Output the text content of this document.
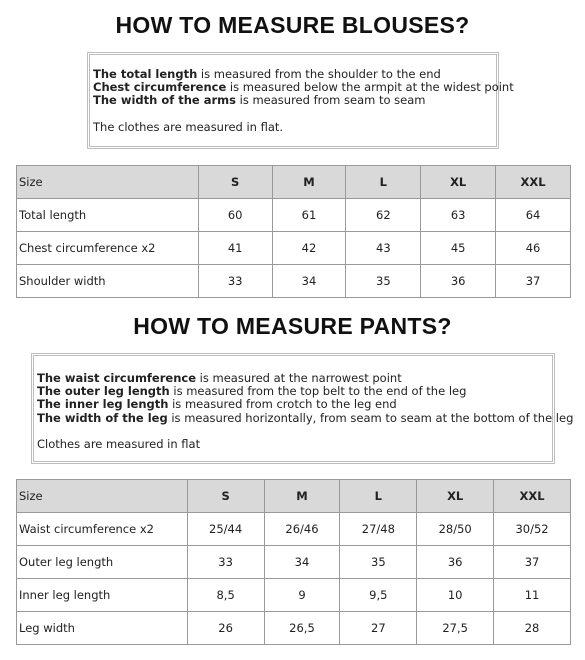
HOW TO MEASURE BLOUSES?
The total length is measured from the shoulder to the end
Chest circumference is measured below the armpit at the widest point
The width of the arms is measured from seam to seam
The clothes are measured in flat.
Size	S	M	L	XL	XXL
Total length	60	61	62	63	64
Chest circumference x2	41	42	43	45	46
Shoulder width	33	34	35	36	37
HOW TO MEASURE PANTS?
The waist circumference is measured at the narrowest point
The outer leg length is measured from the top belt to the end of the leg
The inner leg length is measured from crotch to the leg end
The width of the leg is measured horizontally, from seam to seam at the bottom of the leg
Clothes are measured in flat
Size	S	M	L	XL	XXL
Waist circumference x2	25/44	26/46	27/48	28/50	30/52
Outer leg length	33	34	35	36	37
Inner leg length	8,5	9	9,5	10	11
Leg width	26	26,5	27	27,5	28
